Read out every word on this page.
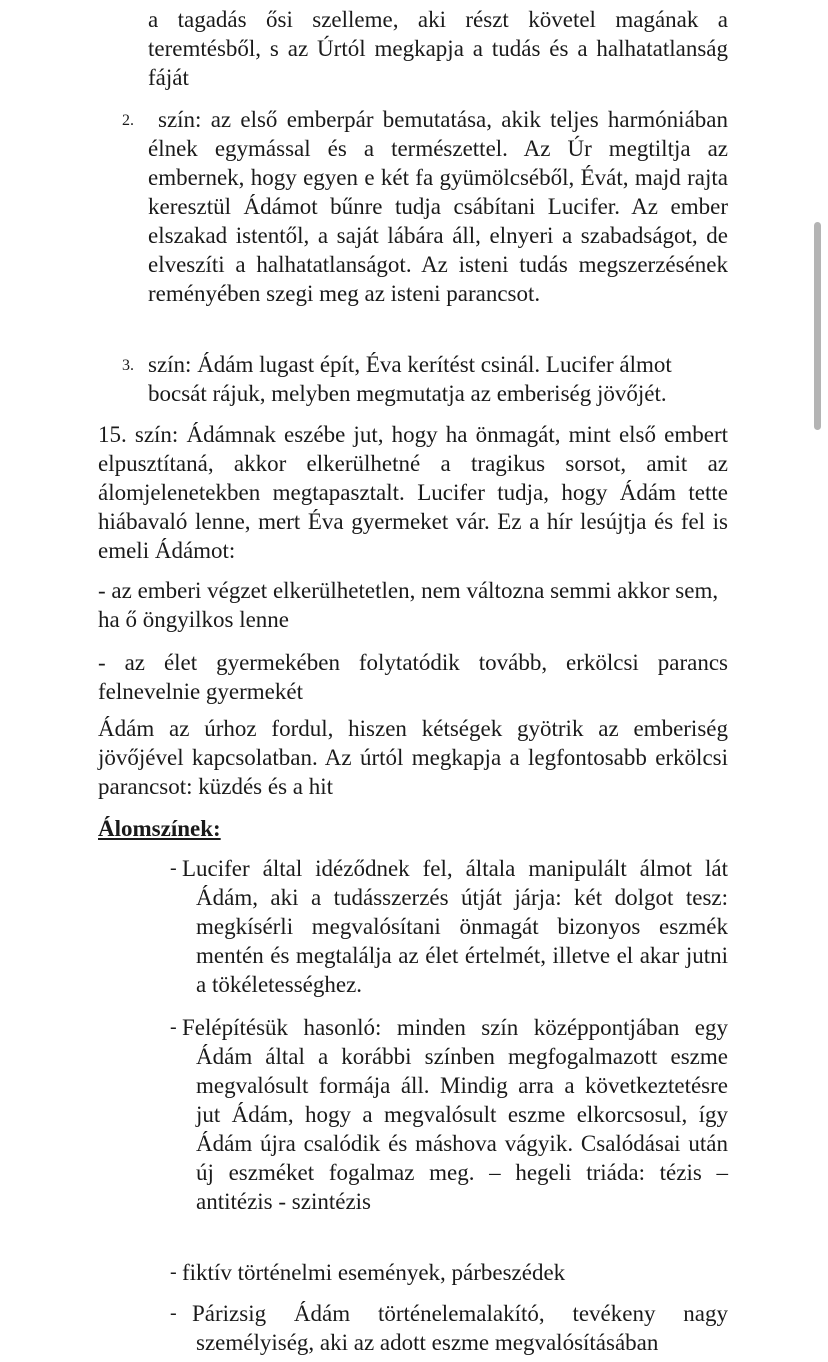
a tagadás ősi szelleme, aki részt követel magának a teremtésből, s az Úrtól megkapja a tudás és a halhatatlanság fáját

2.	szín: az első emberpár bemutatása, akik teljes harmóniában élnek egymással és a természettel. Az Úr megtiltja az embernek, hogy egyen e két fa gyümölcséből, Évát, majd rajta keresztül Ádámot bűnre tudja csábítani Lucifer. Az ember elszakad istentől, a saját lábára áll, elnyeri a szabadságot, de elveszíti a halhatatlanságot. Az isteni tudás megszerzésének reményében szegi meg az isteni parancsot.

3. szín: Ádám lugast épít, Éva kerítést csinál. Lucifer álmot bocsát rájuk, melyben megmutatja az emberiség jövőjét.

15. szín: Ádámnak eszébe jut, hogy ha önmagát, mint első embert elpusztítaná, akkor elkerülhetné a tragikus sorsot, amit az álomjelenetekben megtapasztalt. Lucifer tudja, hogy Ádám tette hiábavaló lenne, mert Éva gyermeket vár. Ez a hír lesújtja és fel is emeli Ádámot:

- az emberi végzet elkerülhetetlen, nem változna semmi akkor sem, ha ő öngyilkos lenne

- az élet gyermekében folytatódik tovább, erkölcsi parancs felnevelnie gyermekét

Ádám az úrhoz fordul, hiszen kétségek gyötrik az emberiség jövőjével kapcsolatban. Az úrtól megkapja a legfontosabb erkölcsi parancsot: küzdés és a hit

Álomszínek:
- Lucifer által idéződnek fel, általa manipulált álmot lát Ádám, aki a tudásszerzés útját járja: két dolgot tesz: megkísérli megvalósítani önmagát bizonyos eszmék mentén és megtalálja az élet értelmét, illetve el akar jutni a tökéletességhez.

- Felépítésük hasonló: minden szín középpontjában egy Ádám által a korábbi színben megfogalmazott eszme megvalósult formája áll. Mindig arra a következtetésre jut Ádám, hogy a megvalósult eszme elkorcsosul, így Ádám újra csalódik és máshova vágyik. Csalódásai után új eszméket fogalmaz meg. – hegeli triáda: tézis – antitézis - szintézis

- fiktív történelmi események, párbeszédek

- Párizsig Ádám történelemalakító, tevékeny nagy személyiség, aki az adott eszme megvalósításában
